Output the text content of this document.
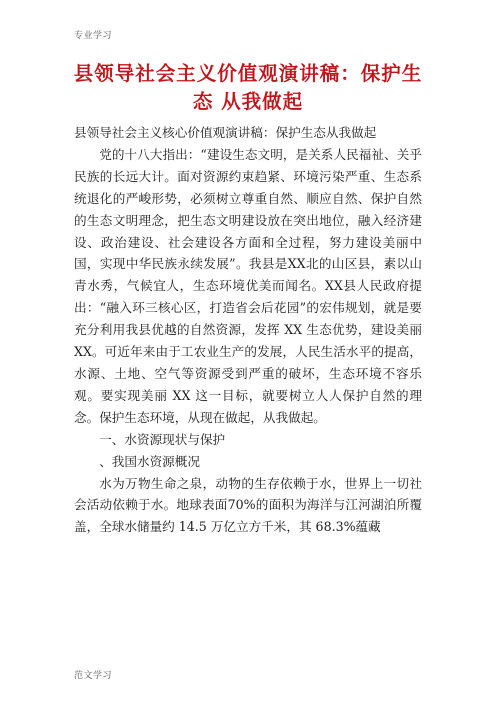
专业学习
县领导社会主义价值观演讲稿：保护生态 从我做起

县领导社会主义核心价值观演讲稿：保护生态从我做起

党的十八大指出：“建设生态文明，是关系人民福祉、关乎民族的长远大计。面对资源约束趋紧、环境污染严重、生态系统退化的严峻形势，必须树立尊重自然、顺应自然、保护自然的生态文明理念，把生态文明建设放在突出地位，融入经济建设、政治建设、社会建设各方面和全过程，努力建设美丽中国，实现中华民族永续发展”。我县是XX北的山区县，素以山青水秀，气候宜人，生态环境优美而闻名。XX县人民政府提出：“融入环三核心区，打造省会后花园”的宏伟规划，就是要充分利用我县优越的自然资源，发挥 XX 生态优势，建设美丽 XX。可近年来由于工农业生产的发展，人民生活水平的提高，水源、土地、空气等资源受到严重的破坏，生态环境不容乐观。要实现美丽 XX 这一目标，就要树立人人保护自然的理念。保护生态环境，从现在做起，从我做起。

一、水资源现状与保护

、我国水资源概况

水为万物生命之泉，动物的生存依赖于水，世界上一切社会活动依赖于水。地球表面70%的面积为海洋与江河湖泊所覆盖，全球水储量约 14.5 万亿立方千米，其 68.3%蕴藏

范文学习
